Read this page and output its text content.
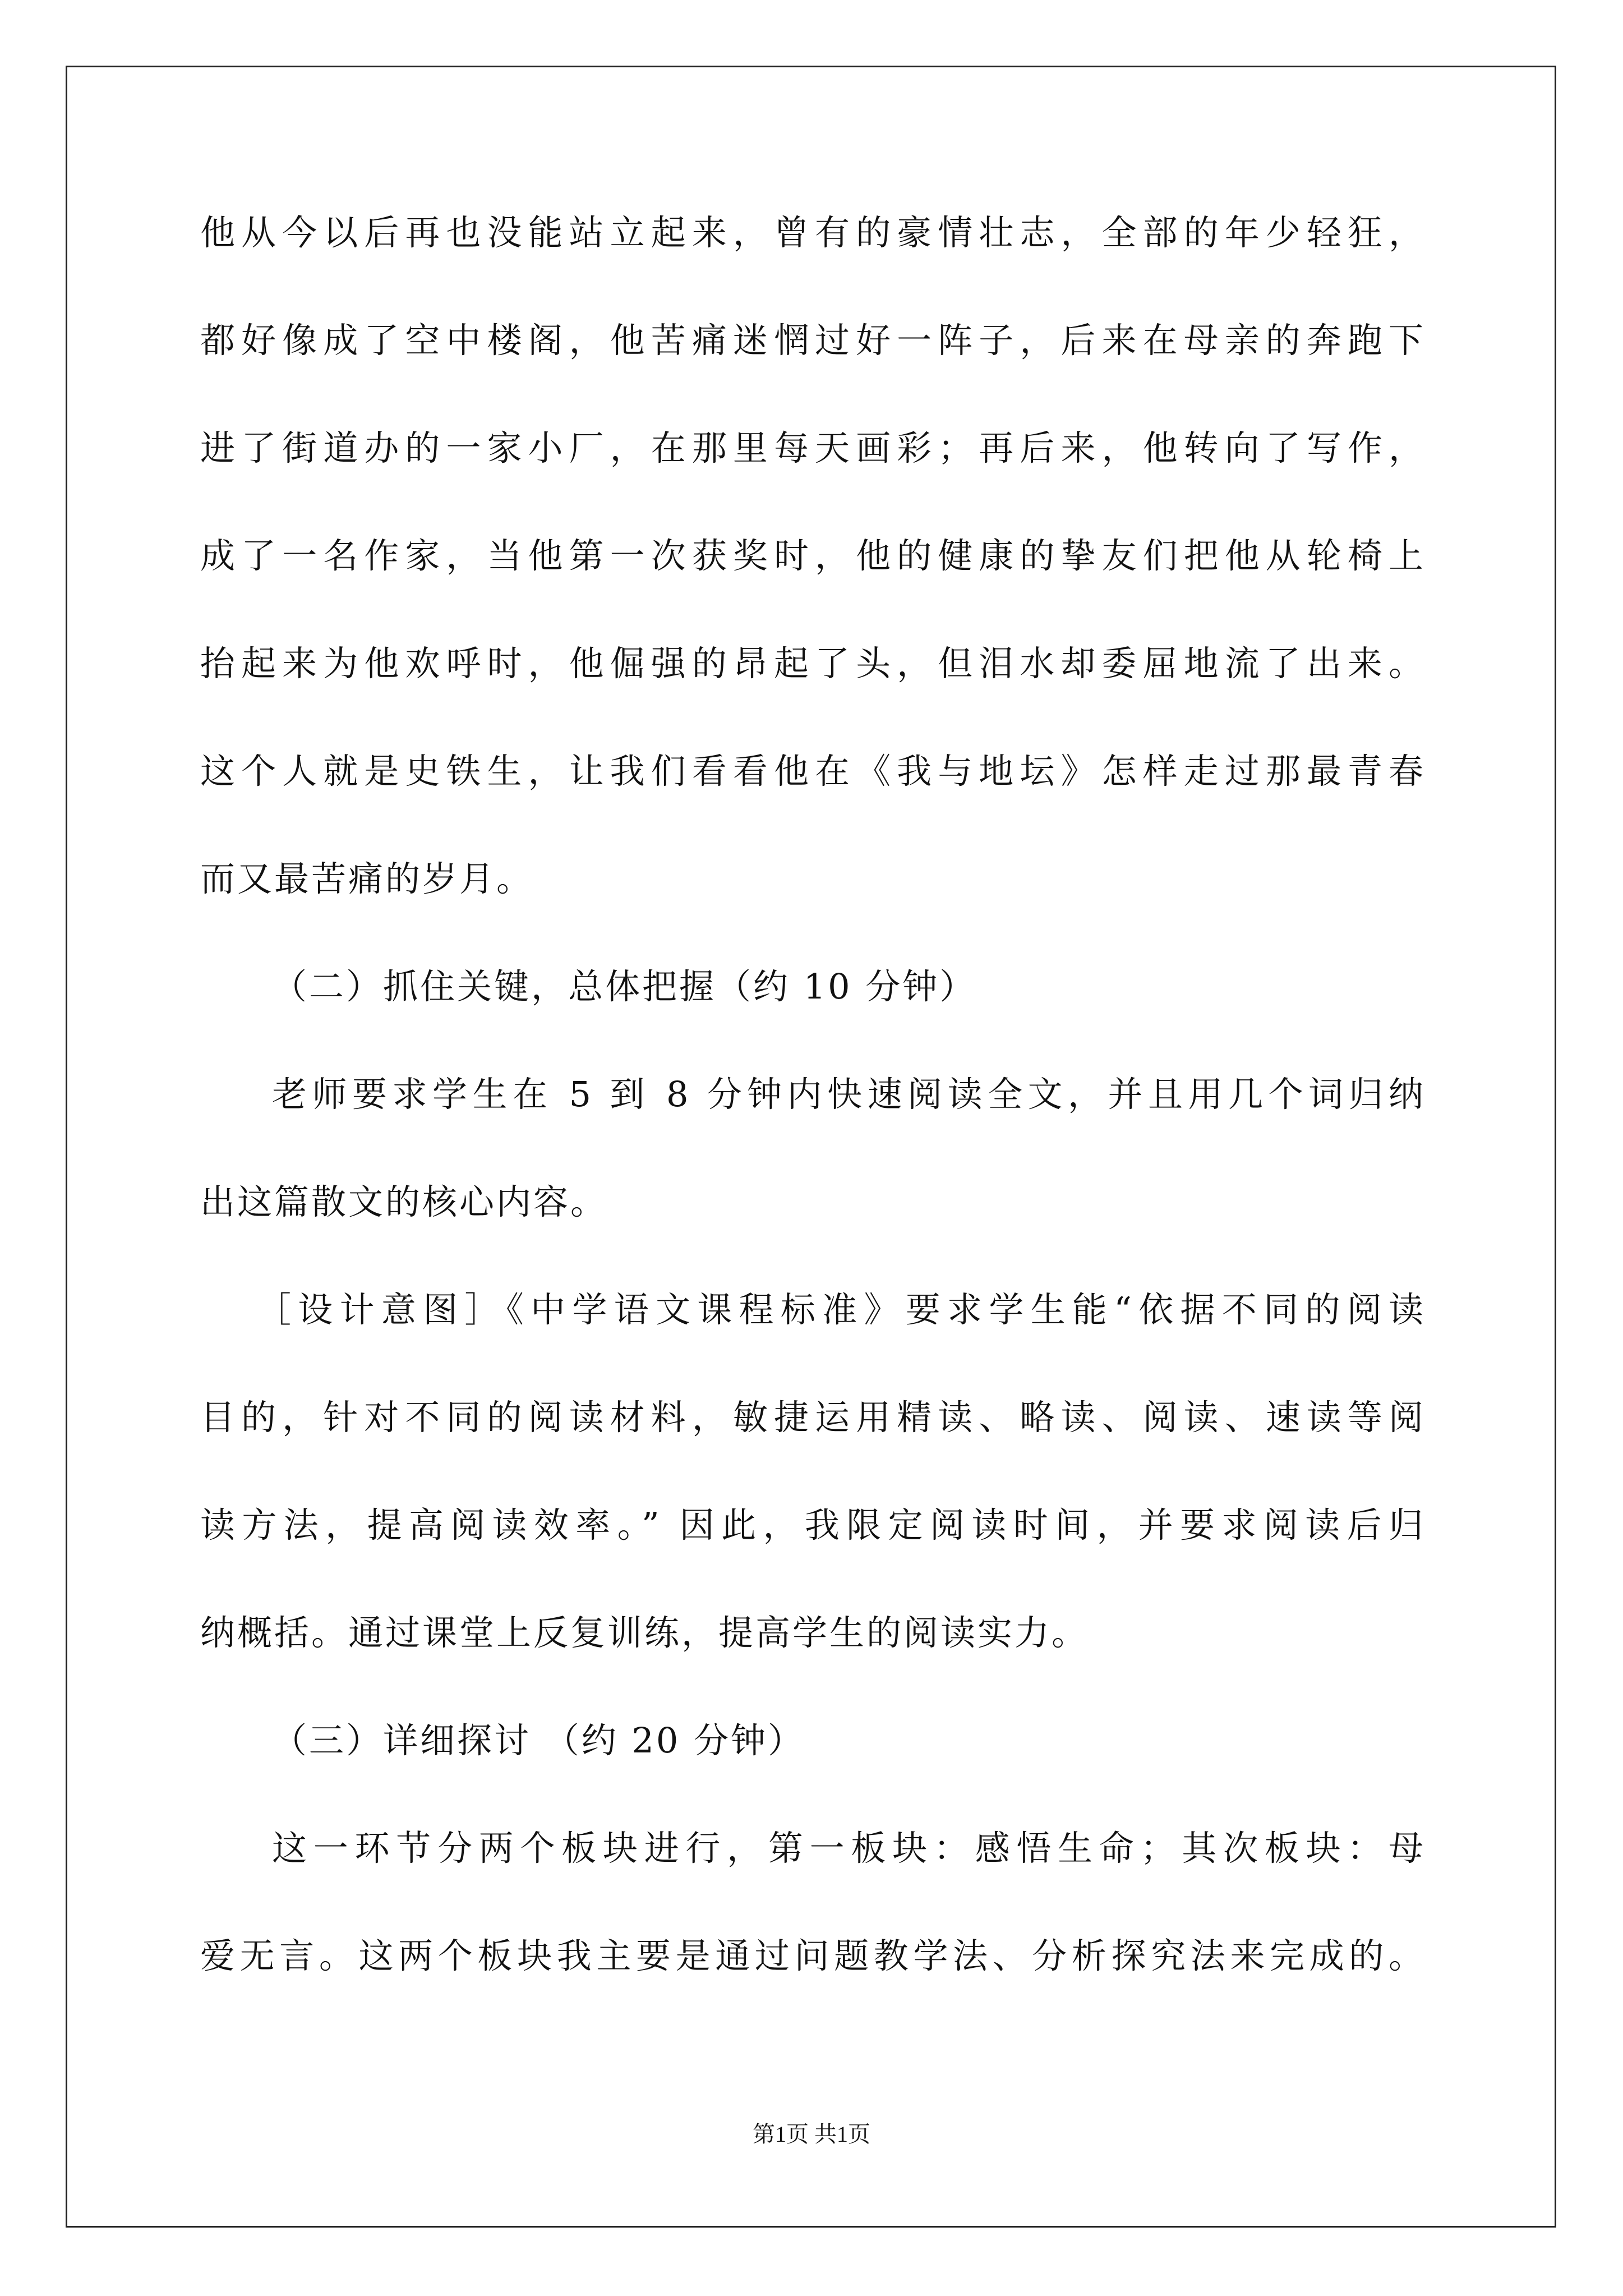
他从今以后再也没能站立起来，曾有的豪情壮志，全部的年少轻狂，
都好像成了空中楼阁，他苦痛迷惘过好一阵子，后来在母亲的奔跑下
进了街道办的一家小厂，在那里每天画彩；再后来，他转向了写作，
成了一名作家，当他第一次获奖时，他的健康的挚友们把他从轮椅上
抬起来为他欢呼时，他倔强的昂起了头，但泪水却委屈地流了出来。
这个人就是史铁生，让我们看看他在《我与地坛》怎样走过那最青春
而又最苦痛的岁月。
（二）抓住关键，总体把握（约 10 分钟）
老师要求学生在 5 到 8 分钟内快速阅读全文，并且用几个词归纳
出这篇散文的核心内容。
［设计意图］《中学语文课程标准》要求学生能“依据不同的阅读
目的，针对不同的阅读材料，敏捷运用精读、略读、阅读、速读等阅
读方法，提高阅读效率。” 因此，我限定阅读时间，并要求阅读后归
纳概括。通过课堂上反复训练，提高学生的阅读实力。
（三）详细探讨 （约 20 分钟）
这一环节分两个板块进行，第一板块：感悟生命；其次板块：母
爱无言。这两个板块我主要是通过问题教学法、分析探究法来完成的。
第1页 共1页
